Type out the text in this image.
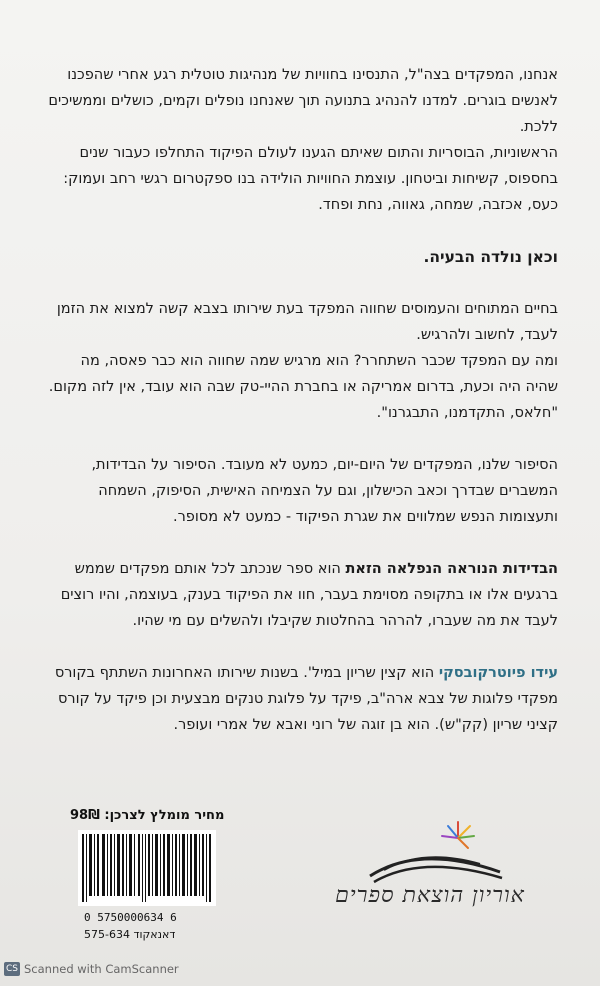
אנחנו, המפקדים בצה"ל, התנסינו בחוויות של מנהיגות טוטלית רגע אחרי שהפכנו לאנשים בוגרים. למדנו להנהיג בתנועה תוך שאנחנו נופלים וקמים, כושלים וממשיכים ללכת.

הראשוניות, הבוסריות והתום שאיתם הגענו לעולם הפיקוד התחלפו כעבור שנים בחספוס, קשיחות וביטחון. עוצמת החוויות הולידה בנו ספקטרום רגשי רחב ועמוק: כעס, אכזבה, שמחה, גאווה, נחת ופחד.

וכאן נולדה הבעיה.

בחיים המתוחים והעמוסים שחווה המפקד בעת שירותו בצבא קשה למצוא את הזמן לעבד, לחשוב ולהרגיש.

ומה עם המפקד שכבר השתחרר? הוא מרגיש שמה שחווה הוא כבר פאסה, מה שהיה היה וכעת, בדרום אמריקה או בחברת ההיי-טק שבה הוא עובד, אין לזה מקום. "חלאס, התקדמנו, התבגרנו".

הסיפור שלנו, המפקדים של היום-יום, כמעט לא מעובד. הסיפור על הבדידות, המשברים שבדרך וכאב הכישלון, וגם על הצמיחה האישית, הסיפוק, השמחה ותעצומות הנפש שמלווים את שגרת הפיקוד - כמעט לא מסופר.

הבדידות הנוראה הנפלאה הזאת הוא ספר שנכתב לכל אותם מפקדים שממש ברגעים אלו או בתקופה מסוימת בעבר, חוו את הפיקוד בענק, בעוצמה, והיו רוצים לעבד את מה שעברו, להרהר בהחלטות שקיבלו ולהשלים עם מי שהיו.

עידו פיוטרקובסקי הוא קצין שריון במיל'. בשנות שירותו האחרונות השתתף בקורס מפקדי פלוגות של צבא ארה"ב, פיקד על פלוגת טנקים מבצעית וכן פיקד על קורס קציני שריון (קק"ש). הוא בן זוגה של רוני ואבא של אמרי ועופר.

מחיר מומלץ לצרכן: 98₪
0 5750000634 6
575-634 דאנאקוד
אוריון הוצאת ספרים
CS Scanned with CamScanner
